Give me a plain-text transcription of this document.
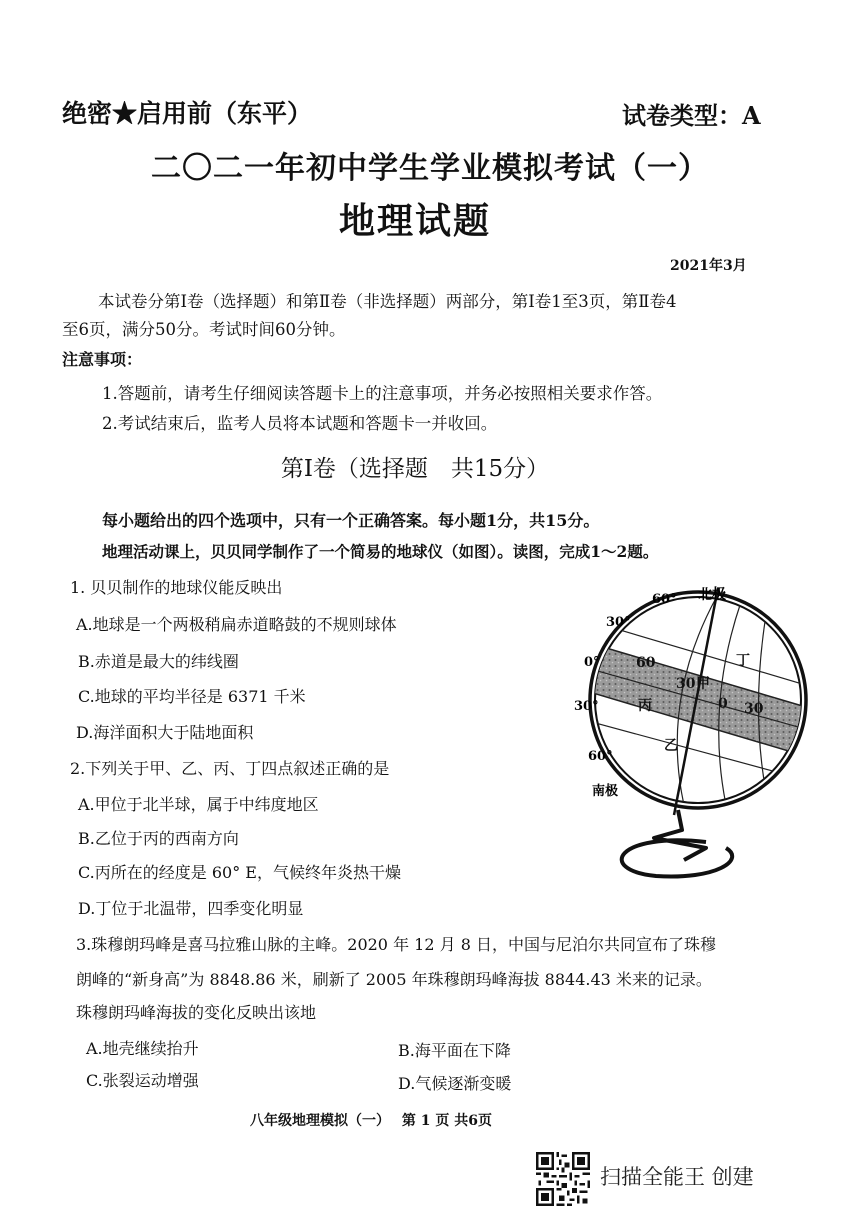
绝密★启用前（东平）	试卷类型：A
二〇二一年初中学生学业模拟考试（一）
地理试题
2021年3月
本试卷分第Ⅰ卷（选择题）和第Ⅱ卷（非选择题）两部分，第Ⅰ卷1至3页，第Ⅱ卷4
至6页，满分50分。考试时间60分钟。
注意事项：
1.答题前，请考生仔细阅读答题卡上的注意事项，并务必按照相关要求作答。
2.考试结束后，监考人员将本试题和答题卡一并收回。
第Ⅰ卷（选择题　共15分）
每小题给出的四个选项中，只有一个正确答案。每小题1分，共15分。
地理活动课上，贝贝同学制作了一个简易的地球仪（如图）。读图，完成1～2题。
1. 贝贝制作的地球仪能反映出
A.地球是一个两极稍扁赤道略鼓的不规则球体
B.赤道是最大的纬线圈
C.地球的平均半径是 6371 千米
D.海洋面积大于陆地面积
2.下列关于甲、乙、丙、丁四点叙述正确的是
A.甲位于北半球，属于中纬度地区
B.乙位于丙的西南方向
C.丙所在的经度是 60° E，气候终年炎热干燥
D.丁位于北温带，四季变化明显
3.珠穆朗玛峰是喜马拉雅山脉的主峰。2020 年 12 月 8 日，中国与尼泊尔共同宣布了珠穆
朗峰的“新身高”为 8848.86 米，刷新了 2005 年珠穆朗玛峰海拔 8844.43 米来的记录。
珠穆朗玛峰海拔的变化反映出该地
A.地壳继续抬升	B.海平面在下降
C.张裂运动增强	D.气候逐渐变暖
60° 北极
30°
0°
30°
60°
南极
60
30
0 30
甲
丙
丁
乙
八年级地理模拟（一）　 第 1 页 共6页
扫描全能王 创建
